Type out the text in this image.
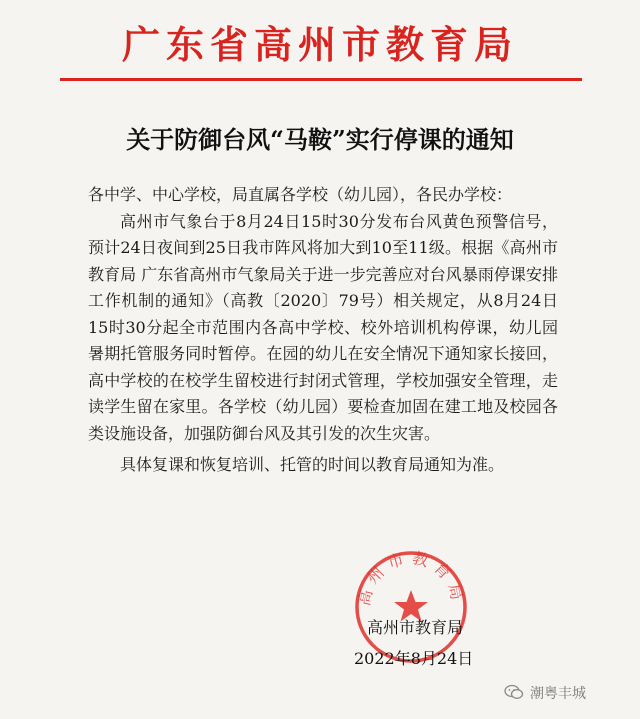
广东省高州市教育局
关于防御台风“马鞍”实行停课的通知

各中学、中心学校，局直属各学校（幼儿园），各民办学校：

高州市气象台于8月24日15时30分发布台风黄色预警信号，预计24日夜间到25日我市阵风将加大到10至11级。根据《高州市教育局 广东省高州市气象局关于进一步完善应对台风暴雨停课安排工作机制的通知》（高教〔2020〕79号）相关规定，从8月24日15时30分起全市范围内各高中学校、校外培训机构停课，幼儿园暑期托管服务同时暂停。在园的幼儿在安全情况下通知家长接回，高中学校的在校学生留校进行封闭式管理，学校加强安全管理，走读学生留在家里。各学校（幼儿园）要检查加固在建工地及校园各类设施设备，加强防御台风及其引发的次生灾害。

具体复课和恢复培训、托管的时间以教育局通知为准。

高州市教育局
高州市教育局
2022年8月24日
潮粤丰城
